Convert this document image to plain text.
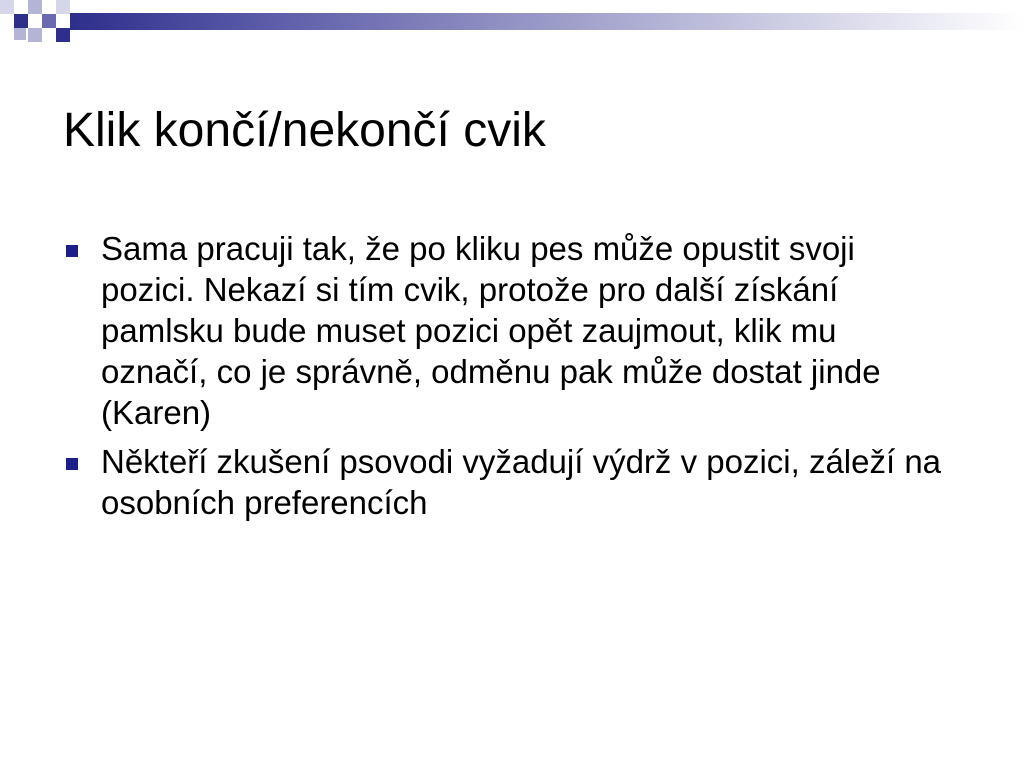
Klik končí/nekončí cvik
Sama pracuji tak, že po kliku pes může opustit svoji pozici. Nekazí si tím cvik, protože pro další získání pamlsku bude muset pozici opět zaujmout, klik mu označí, co je správně, odměnu pak může dostat jinde (Karen)
Někteří zkušení psovodi vyžadují výdrž v pozici, záleží na osobních preferencích
